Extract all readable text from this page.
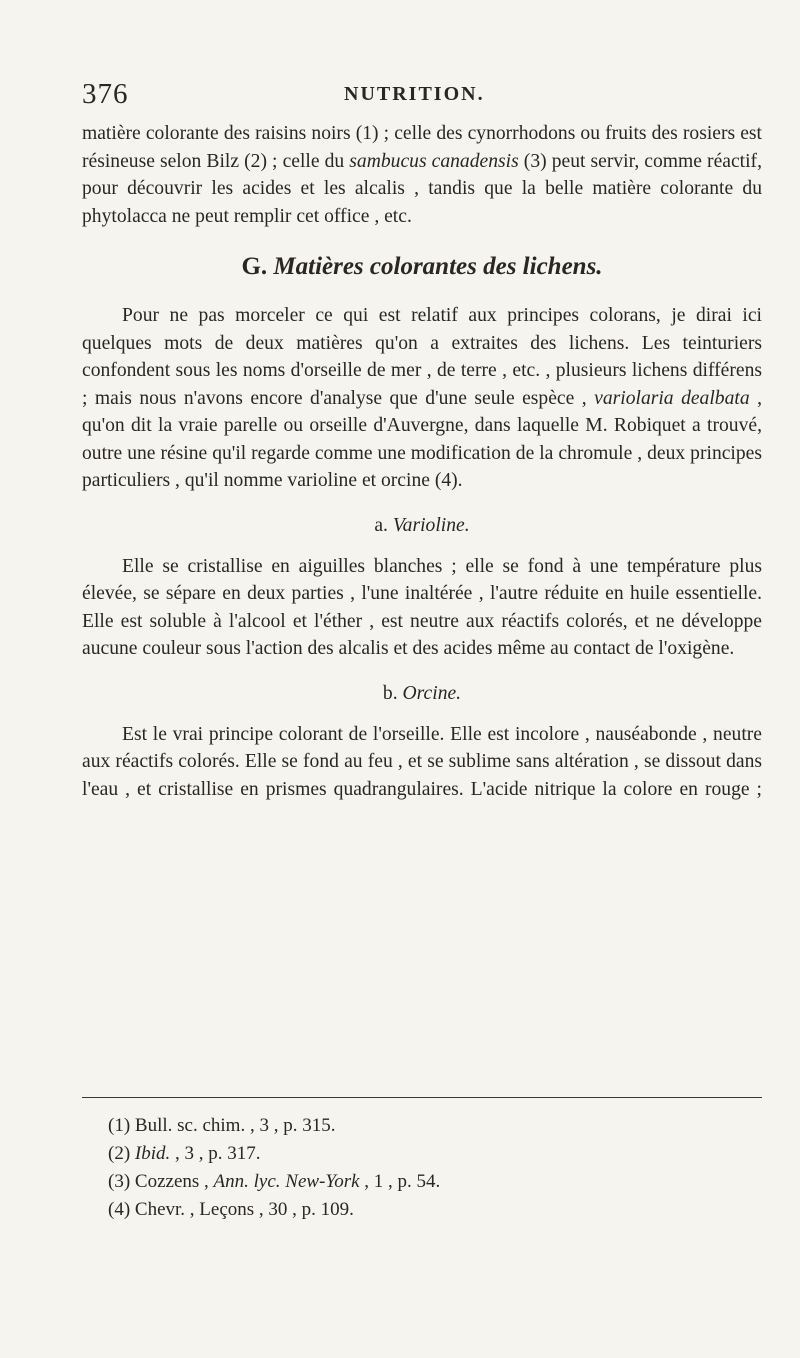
376	NUTRITION.

matière colorante des raisins noirs (1) ; celle des cynorrhodons ou fruits des rosiers est résineuse selon Bilz (2) ; celle du sambucus canadensis (3) peut servir, comme réactif, pour découvrir les acides et les alcalis , tandis que la belle matière colorante du phytolacca ne peut remplir cet office , etc.

G. Matières colorantes des lichens.

Pour ne pas morceler ce qui est relatif aux principes colorans, je dirai ici quelques mots de deux matières qu'on a extraites des lichens. Les teinturiers confondent sous les noms d'orseille de mer , de terre , etc. , plusieurs lichens différens ; mais nous n'avons encore d'analyse que d'une seule espèce , variolaria dealbata , qu'on dit la vraie parelle ou orseille d'Auvergne, dans laquelle M. Robiquet a trouvé, outre une résine qu'il regarde comme une modification de la chromule , deux principes particuliers , qu'il nomme varioline et orcine (4).

a. Varioline.

Elle se cristallise en aiguilles blanches ; elle se fond à une température plus élevée, se sépare en deux parties , l'une inaltérée , l'autre réduite en huile essentielle. Elle est soluble à l'alcool et l'éther , est neutre aux réactifs colorés, et ne développe aucune couleur sous l'action des alcalis et des acides même au contact de l'oxigène.

b. Orcine.

Est le vrai principe colorant de l'orseille. Elle est incolore , nauséabonde , neutre aux réactifs colorés. Elle se fond au feu , et se sublime sans altération , se dissout dans l'eau , et cristallise en prismes quadrangulaires. L'acide nitrique la colore en rouge ;

(1) Bull. sc. chim. , 3 , p. 315.
(2) Ibid. , 3 , p. 317.
(3) Cozzens , Ann. lyc. New-York , 1 , p. 54.
(4) Chevr. , Leçons , 30 , p. 109.
